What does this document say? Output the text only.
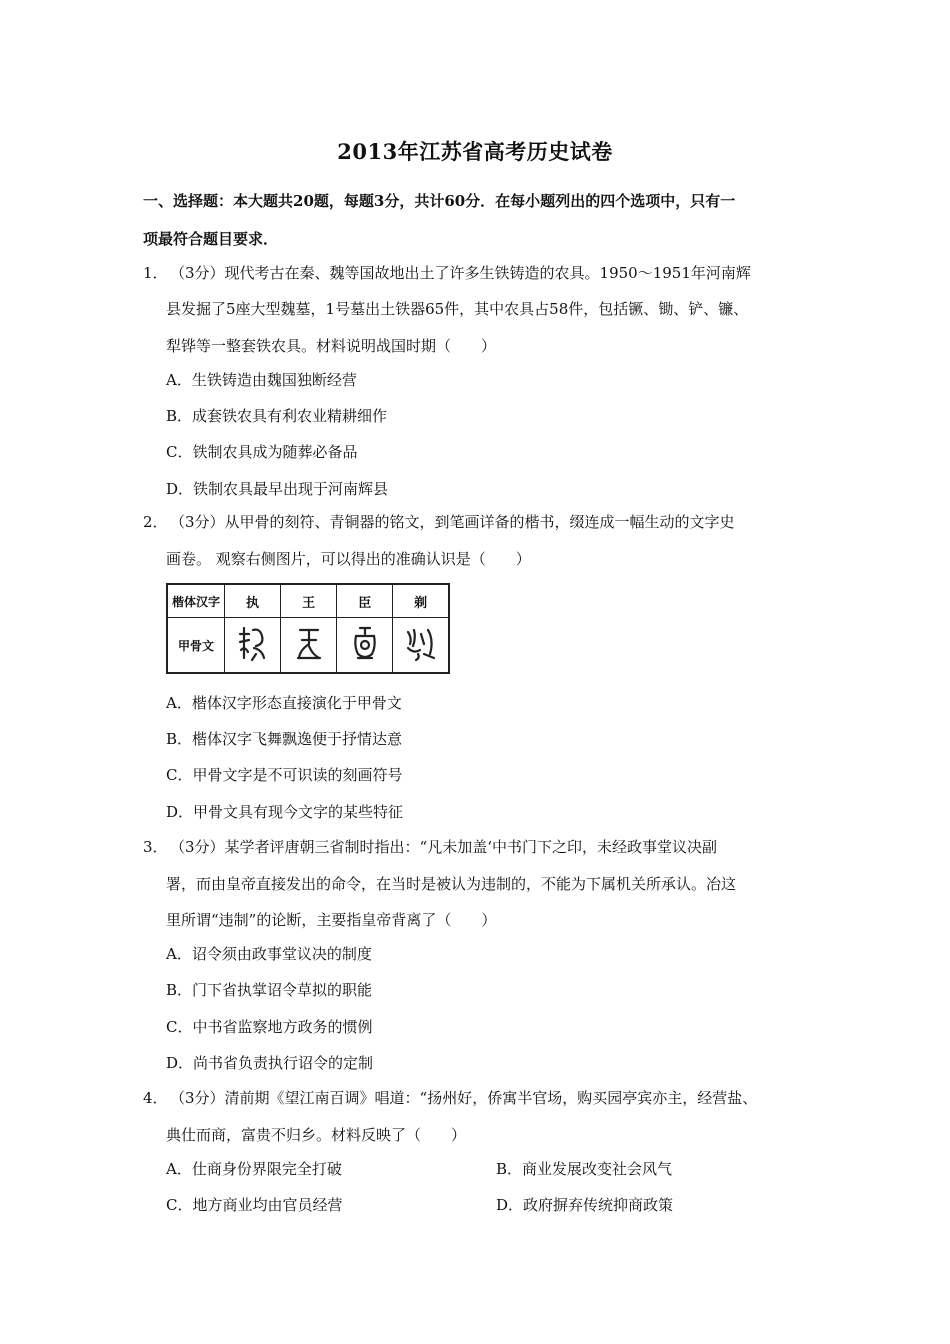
2013年江苏省高考历史试卷
一、选择题：本大题共20题，每题3分，共计60分．在每小题列出的四个选项中，只有一
项最符合题目要求．
1． （3分）现代考古在秦、魏等国故地出土了许多生铁铸造的农具。1950～1951年河南辉
县发掘了5座大型魏墓，1号墓出土铁器65件，其中农具占58件，包括镢、锄、铲、镰、
犁铧等一整套铁农具。材料说明战国时期（　　）
A．生铁铸造由魏国独断经营
B．成套铁农具有利农业精耕细作
C．铁制农具成为随葬必备品
D．铁制农具最早出现于河南辉县
2． （3分）从甲骨的刻符、青铜器的铭文，到笔画详备的楷书，缀连成一幅生动的文字史
画卷。 观察右侧图片，可以得出的准确认识是（　　）
楷体汉字	执	王	臣	剃
甲骨文				
A．楷体汉字形态直接演化于甲骨文
B．楷体汉字飞舞飘逸便于抒情达意
C．甲骨文字是不可识读的刻画符号
D．甲骨文具有现今文字的某些特征
3． （3分）某学者评唐朝三省制时指出：“凡未加盖‘中书门下之印，未经政事堂议决副
署，而由皇帝直接发出的命令，在当时是被认为违制的，不能为下属机关所承认。冶这
里所谓“违制”的论断，主要指皇帝背离了（　　）
A．诏令须由政事堂议决的制度
B．门下省执掌诏令草拟的职能
C．中书省监察地方政务的惯例
D．尚书省负责执行诏令的定制
4． （3分）清前期《望江南百调》唱道：“扬州好，侨寓半官场，购买园亭宾亦主，经营盐、
典仕而商，富贵不归乡。材料反映了（　　）
A．仕商身份界限完全打破	B．商业发展改变社会风气
C．地方商业均由官员经营	D．政府摒弃传统抑商政策
